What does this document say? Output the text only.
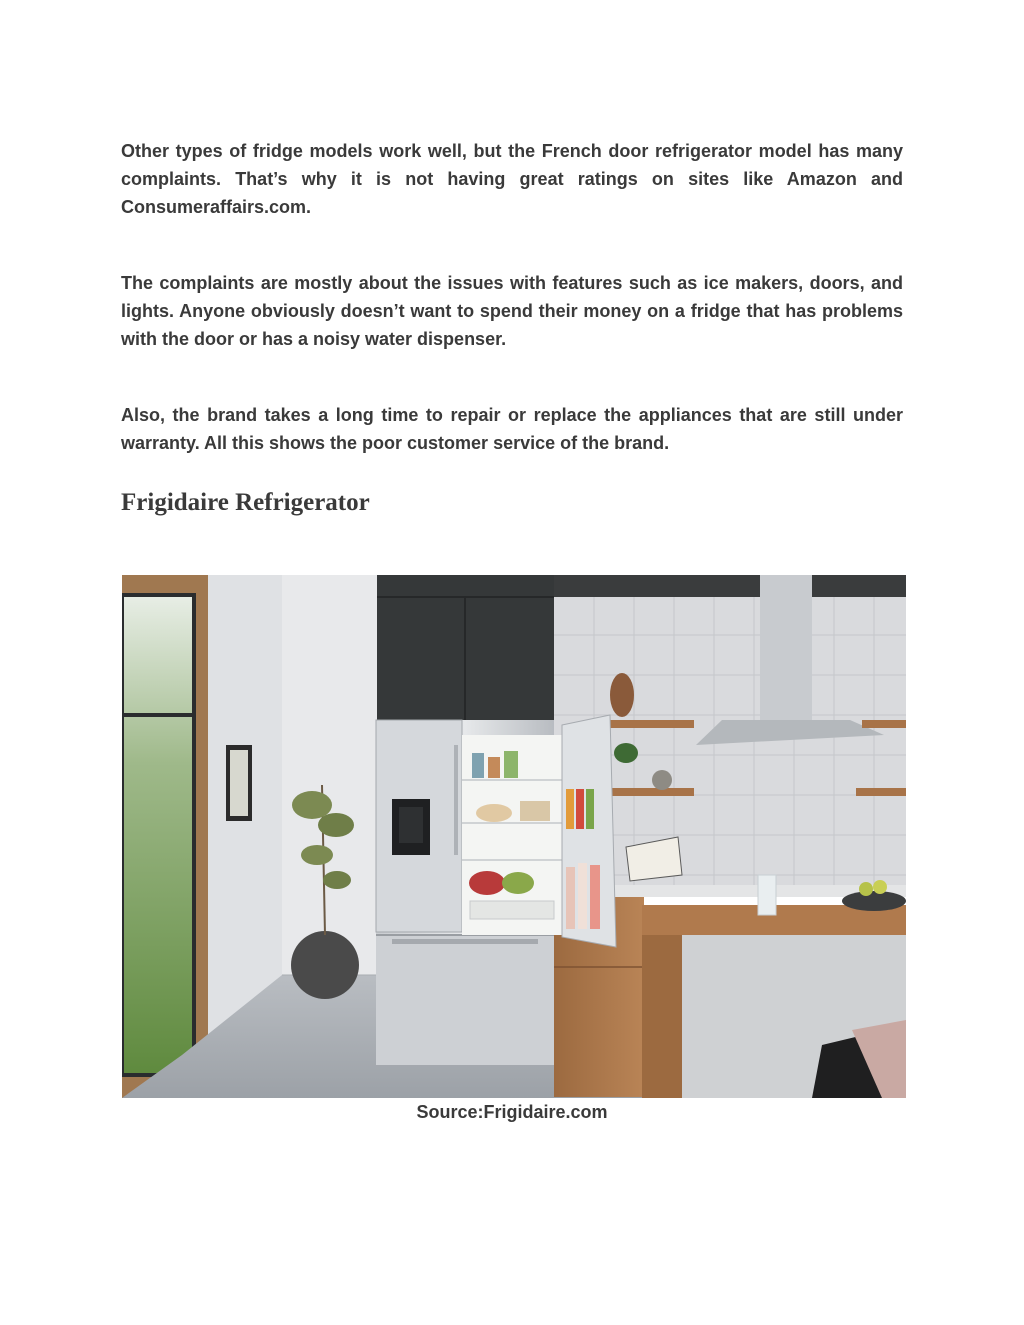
Other types of fridge models work well, but the French door refrigerator model has many complaints. That’s why it is not having great ratings on sites like Amazon and Consumeraffairs.com.

The complaints are mostly about the issues with features such as ice makers, doors, and lights. Anyone obviously doesn’t want to spend their money on a fridge that has problems with the door or has a noisy water dispenser.

Also, the brand takes a long time to repair or replace the appliances that are still under warranty. All this shows the poor customer service of the brand.

Frigidaire Refrigerator
Source:Frigidaire.com
